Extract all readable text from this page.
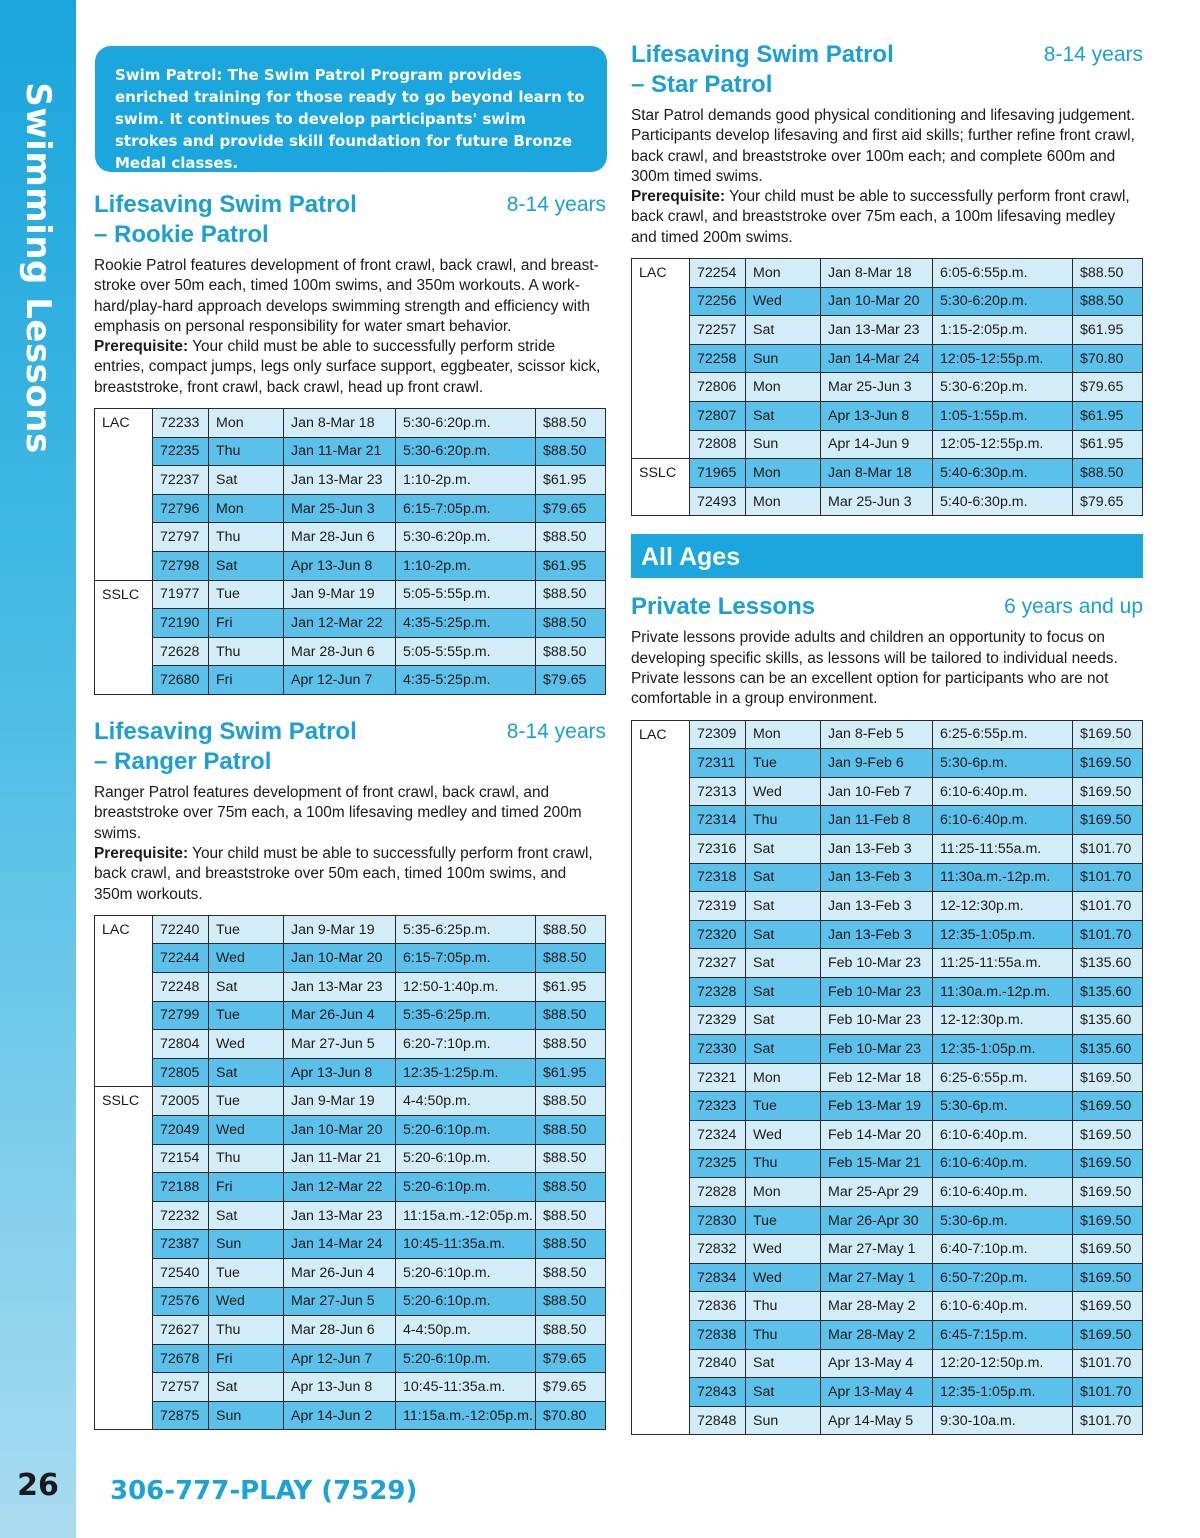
Swimming Lessons
26	306-777-PLAY (7529)
Swim Patrol: The Swim Patrol Program provides enriched training for those ready to go beyond learn to swim. It continues to develop participants' swim strokes and provide skill foundation for future Bronze Medal classes.
Lifesaving Swim Patrol
– Rookie Patrol
8-14 years
Rookie Patrol features development of front crawl, back crawl, and breast-stroke over 50m each, timed 100m swims, and 350m workouts. A work-hard/play-hard approach develops swimming strength and efficiency with emphasis on personal responsibility for water smart behavior.
Prerequisite: Your child must be able to successfully perform stride entries, compact jumps, legs only surface support, eggbeater, scissor kick, breaststroke, front crawl, back crawl, head up front crawl.
LAC	72233	Mon	Jan 8-Mar 18	5:30-6:20p.m.	$88.50
	72235	Thu	Jan 11-Mar 21	5:30-6:20p.m.	$88.50
	72237	Sat	Jan 13-Mar 23	1:10-2p.m.	$61.95
	72796	Mon	Mar 25-Jun 3	6:15-7:05p.m.	$79.65
	72797	Thu	Mar 28-Jun 6	5:30-6:20p.m.	$88.50
	72798	Sat	Apr 13-Jun 8	1:10-2p.m.	$61.95
SSLC	71977	Tue	Jan 9-Mar 19	5:05-5:55p.m.	$88.50
	72190	Fri	Jan 12-Mar 22	4:35-5:25p.m.	$88.50
	72628	Thu	Mar 28-Jun 6	5:05-5:55p.m.	$88.50
	72680	Fri	Apr 12-Jun 7	4:35-5:25p.m.	$79.65
Lifesaving Swim Patrol
– Ranger Patrol
8-14 years
Ranger Patrol features development of front crawl, back crawl, and breaststroke over 75m each, a 100m lifesaving medley and timed 200m swims.
Prerequisite: Your child must be able to successfully perform front crawl, back crawl, and breaststroke over 50m each, timed 100m swims, and 350m workouts.
LAC	72240	Tue	Jan 9-Mar 19	5:35-6:25p.m.	$88.50
	72244	Wed	Jan 10-Mar 20	6:15-7:05p.m.	$88.50
	72248	Sat	Jan 13-Mar 23	12:50-1:40p.m.	$61.95
	72799	Tue	Mar 26-Jun 4	5:35-6:25p.m.	$88.50
	72804	Wed	Mar 27-Jun 5	6:20-7:10p.m.	$88.50
	72805	Sat	Apr 13-Jun 8	12:35-1:25p.m.	$61.95
SSLC	72005	Tue	Jan 9-Mar 19	4-4:50p.m.	$88.50
	72049	Wed	Jan 10-Mar 20	5:20-6:10p.m.	$88.50
	72154	Thu	Jan 11-Mar 21	5:20-6:10p.m.	$88.50
	72188	Fri	Jan 12-Mar 22	5:20-6:10p.m.	$88.50
	72232	Sat	Jan 13-Mar 23	11:15a.m.-12:05p.m.	$88.50
	72387	Sun	Jan 14-Mar 24	10:45-11:35a.m.	$88.50
	72540	Tue	Mar 26-Jun 4	5:20-6:10p.m.	$88.50
	72576	Wed	Mar 27-Jun 5	5:20-6:10p.m.	$88.50
	72627	Thu	Mar 28-Jun 6	4-4:50p.m.	$88.50
	72678	Fri	Apr 12-Jun 7	5:20-6:10p.m.	$79.65
	72757	Sat	Apr 13-Jun 8	10:45-11:35a.m.	$79.65
	72875	Sun	Apr 14-Jun 2	11:15a.m.-12:05p.m.	$70.80
Lifesaving Swim Patrol
– Star Patrol
8-14 years
Star Patrol demands good physical conditioning and lifesaving judgement. Participants develop lifesaving and first aid skills; further refine front crawl, back crawl, and breaststroke over 100m each; and complete 600m and 300m timed swims.
Prerequisite: Your child must be able to successfully perform front crawl, back crawl, and breaststroke over 75m each, a 100m lifesaving medley and timed 200m swims.
LAC	72254	Mon	Jan 8-Mar 18	6:05-6:55p.m.	$88.50
	72256	Wed	Jan 10-Mar 20	5:30-6:20p.m.	$88.50
	72257	Sat	Jan 13-Mar 23	1:15-2:05p.m.	$61.95
	72258	Sun	Jan 14-Mar 24	12:05-12:55p.m.	$70.80
	72806	Mon	Mar 25-Jun 3	5:30-6:20p.m.	$79.65
	72807	Sat	Apr 13-Jun 8	1:05-1:55p.m.	$61.95
	72808	Sun	Apr 14-Jun 9	12:05-12:55p.m.	$61.95
SSLC	71965	Mon	Jan 8-Mar 18	5:40-6:30p.m.	$88.50
	72493	Mon	Mar 25-Jun 3	5:40-6:30p.m.	$79.65
All Ages
Private Lessons	6 years and up
Private lessons provide adults and children an opportunity to focus on developing specific skills, as lessons will be tailored to individual needs. Private lessons can be an excellent option for participants who are not comfortable in a group environment.
LAC	72309	Mon	Jan 8-Feb 5	6:25-6:55p.m.	$169.50
	72311	Tue	Jan 9-Feb 6	5:30-6p.m.	$169.50
	72313	Wed	Jan 10-Feb 7	6:10-6:40p.m.	$169.50
	72314	Thu	Jan 11-Feb 8	6:10-6:40p.m.	$169.50
	72316	Sat	Jan 13-Feb 3	11:25-11:55a.m.	$101.70
	72318	Sat	Jan 13-Feb 3	11:30a.m.-12p.m.	$101.70
	72319	Sat	Jan 13-Feb 3	12-12:30p.m.	$101.70
	72320	Sat	Jan 13-Feb 3	12:35-1:05p.m.	$101.70
	72327	Sat	Feb 10-Mar 23	11:25-11:55a.m.	$135.60
	72328	Sat	Feb 10-Mar 23	11:30a.m.-12p.m.	$135.60
	72329	Sat	Feb 10-Mar 23	12-12:30p.m.	$135.60
	72330	Sat	Feb 10-Mar 23	12:35-1:05p.m.	$135.60
	72321	Mon	Feb 12-Mar 18	6:25-6:55p.m.	$169.50
	72323	Tue	Feb 13-Mar 19	5:30-6p.m.	$169.50
	72324	Wed	Feb 14-Mar 20	6:10-6:40p.m.	$169.50
	72325	Thu	Feb 15-Mar 21	6:10-6:40p.m.	$169.50
	72828	Mon	Mar 25-Apr 29	6:10-6:40p.m.	$169.50
	72830	Tue	Mar 26-Apr 30	5:30-6p.m.	$169.50
	72832	Wed	Mar 27-May 1	6:40-7:10p.m.	$169.50
	72834	Wed	Mar 27-May 1	6:50-7:20p.m.	$169.50
	72836	Thu	Mar 28-May 2	6:10-6:40p.m.	$169.50
	72838	Thu	Mar 28-May 2	6:45-7:15p.m.	$169.50
	72840	Sat	Apr 13-May 4	12:20-12:50p.m.	$101.70
	72843	Sat	Apr 13-May 4	12:35-1:05p.m.	$101.70
	72848	Sun	Apr 14-May 5	9:30-10a.m.	$101.70
